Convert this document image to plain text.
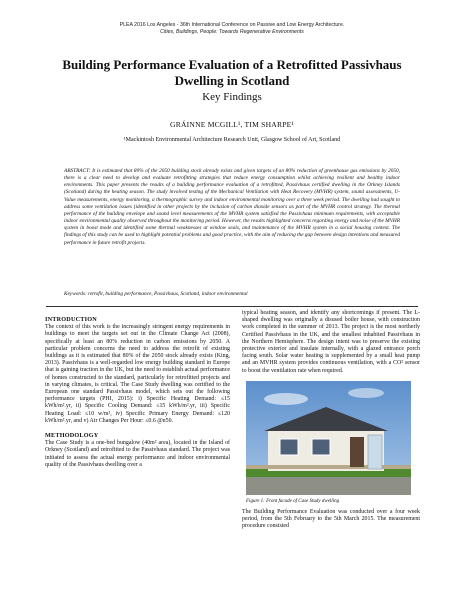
PLEA 2016 Los Angeles - 36th International Conference on Passive and Low Energy Architecture.
Cities, Buildings, People: Towards Regenerative Environments
Building Performance Evaluation of a Retrofitted Passivhaus Dwelling in Scotland
Key Findings
GRÁINNE MCGILL¹, TIM SHARPE¹
¹Mackintosh Environmental Architecture Research Unit, Glasgow School of Art, Scotland
ABSTRACT: It is estimated that 80% of the 2050 building stock already exists and given targets of an 80% reduction of greenhouse gas emissions by 2050, there is a clear need to develop and evaluate retrofitting strategies that reduce energy consumption whilst achieving resilient and healthy indoor environments. This paper presents the results of a building performance evaluation of a retrofitted, Passivhaus certified dwelling in the Orkney Islands (Scotland) during the heating season. The study involved testing of the Mechanical Ventilation with Heat Recovery (MVHR) system, sound assessments, U-Value measurements, energy monitoring, a thermographic survey and indoor environmental monitoring over a three week period. The dwelling had sought to address some ventilation issues (identified in other projects by the inclusion of carbon dioxide sensors as part of the MVHR control strategy. The thermal performance of the building envelope and sound level measurements of the MVHR system satisfied the Passivhaus minimum requirements, with acceptable indoor environmental quality observed throughout the monitoring period. However, the results highlighted concerns regarding energy and noise of the MVHR system in boost mode and identified some thermal weaknesses at window seals, and maintenance of the MVHR system in a social housing context. The findings of this study can be used to highlight potential problems and good practice, with the aim of reducing the gap between design intentions and measured performance in future retrofit projects.
Keywords: retrofit, building performance, Passivhaus, Scotland, indoor environmental
INTRODUCTION

The context of this work is the increasingly stringent energy requirements in buildings to meet the targets set out in the Climate Change Act (2008), specifically at least an 80% reduction in carbon emissions by 2050. A particular problem concerns the need to address the retrofit of existing buildings as it is estimated that 80% of the 2050 stock already exists (King, 2013). Passivhaus is a well-regarded low energy building standard in Europe that is gaining traction in the UK, but the need to establish actual performance of homes constructed to the standard, particularly for retrofitted projects and in varying climates, is critical. The Case Study dwelling was certified to the European one standard Passivhaus model, which sets out the following performance targets (PHI, 2015): i) Specific Heating Demand: ≤15 kWh/m².yr, ii) Specific Cooling Demand: ≤15 kWh/m².yr, iii) Specific Heating Load: ≤10 w/m², iv) Specific Primary Energy Demand: ≤120 kWh/m².yr, and v) Air Changes Per Hour: ≤0.6 @n50.

METHODOLOGY

The Case Study is a one-bed bungalow (40m² area), located in the Island of Orkney (Scotland) and retrofitted to the Passivhaus standard. The project was initiated to assess the actual energy performance and indoor environmental quality of the Passivhaus dwelling over a

typical heating season, and identify any shortcomings if present. The L-shaped dwelling was originally a disused boiler house, with construction work completed in the summer of 2013. The project is the most northerly Certified Passivhaus in the UK, and the smallest inhabited Passivhaus in the Northern Hemisphere. The design intent was to preserve the existing protective exterior and insulate internally, with a glazed entrance porch facing south. Solar water heating is supplemented by a small heat pump and an MVHR system provides continuous ventilation, with a CO² sensor to boost the ventilation rate when required.

Figure 1: Front facade of Case Study dwelling

The Building Performance Evaluation was conducted over a four week period, from the 5th February to the 5th March 2015. The measurement procedure consisted
